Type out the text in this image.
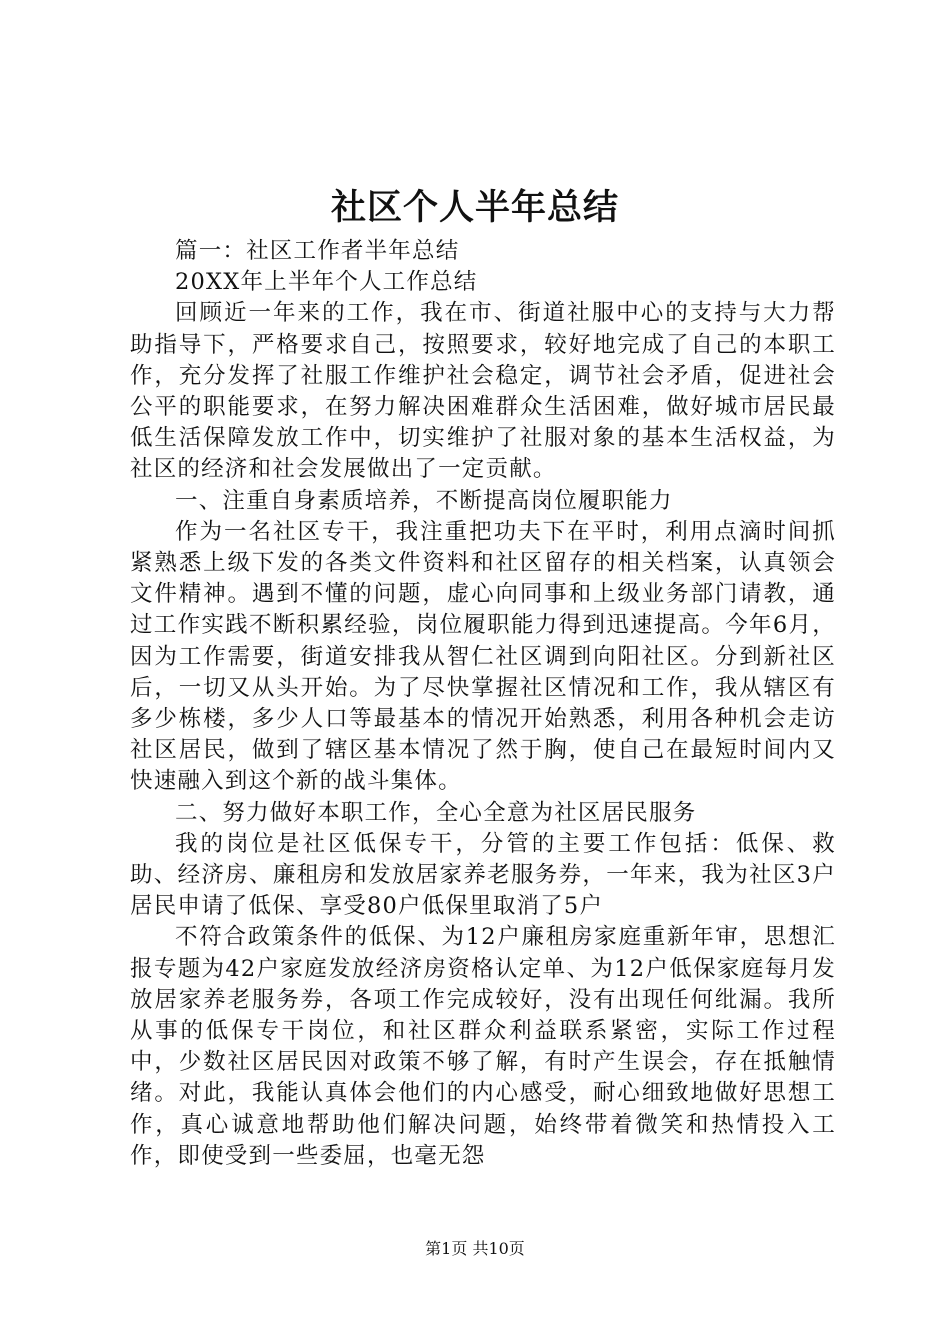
社区个人半年总结

篇一：社区工作者半年总结

20XX年上半年个人工作总结

回顾近一年来的工作，我在市、街道社服中心的支持与大力帮助指导下，严格要求自己，按照要求，较好地完成了自己的本职工作，充分发挥了社服工作维护社会稳定，调节社会矛盾，促进社会公平的职能要求，在努力解决困难群众生活困难，做好城市居民最低生活保障发放工作中，切实维护了社服对象的基本生活权益，为社区的经济和社会发展做出了一定贡献。

一、注重自身素质培养，不断提高岗位履职能力

作为一名社区专干，我注重把功夫下在平时，利用点滴时间抓紧熟悉上级下发的各类文件资料和社区留存的相关档案，认真领会文件精神。遇到不懂的问题，虚心向同事和上级业务部门请教，通过工作实践不断积累经验，岗位履职能力得到迅速提高。今年6月，因为工作需要，街道安排我从智仁社区调到向阳社区。分到新社区后，一切又从头开始。为了尽快掌握社区情况和工作，我从辖区有多少栋楼，多少人口等最基本的情况开始熟悉，利用各种机会走访社区居民，做到了辖区基本情况了然于胸，使自己在最短时间内又快速融入到这个新的战斗集体。

二、努力做好本职工作，全心全意为社区居民服务

我的岗位是社区低保专干，分管的主要工作包括：低保、救助、经济房、廉租房和发放居家养老服务券，一年来，我为社区3户居民申请了低保、享受80户低保里取消了5户

不符合政策条件的低保、为12户廉租房家庭重新年审，思想汇报专题为42户家庭发放经济房资格认定单、为12户低保家庭每月发放居家养老服务券，各项工作完成较好，没有出现任何纰漏。我所从事的低保专干岗位，和社区群众利益联系紧密，实际工作过程中，少数社区居民因对政策不够了解，有时产生误会，存在抵触情绪。对此，我能认真体会他们的内心感受，耐心细致地做好思想工作，真心诚意地帮助他们解决问题，始终带着微笑和热情投入工作，即使受到一些委屈，也毫无怨

第1页 共10页
